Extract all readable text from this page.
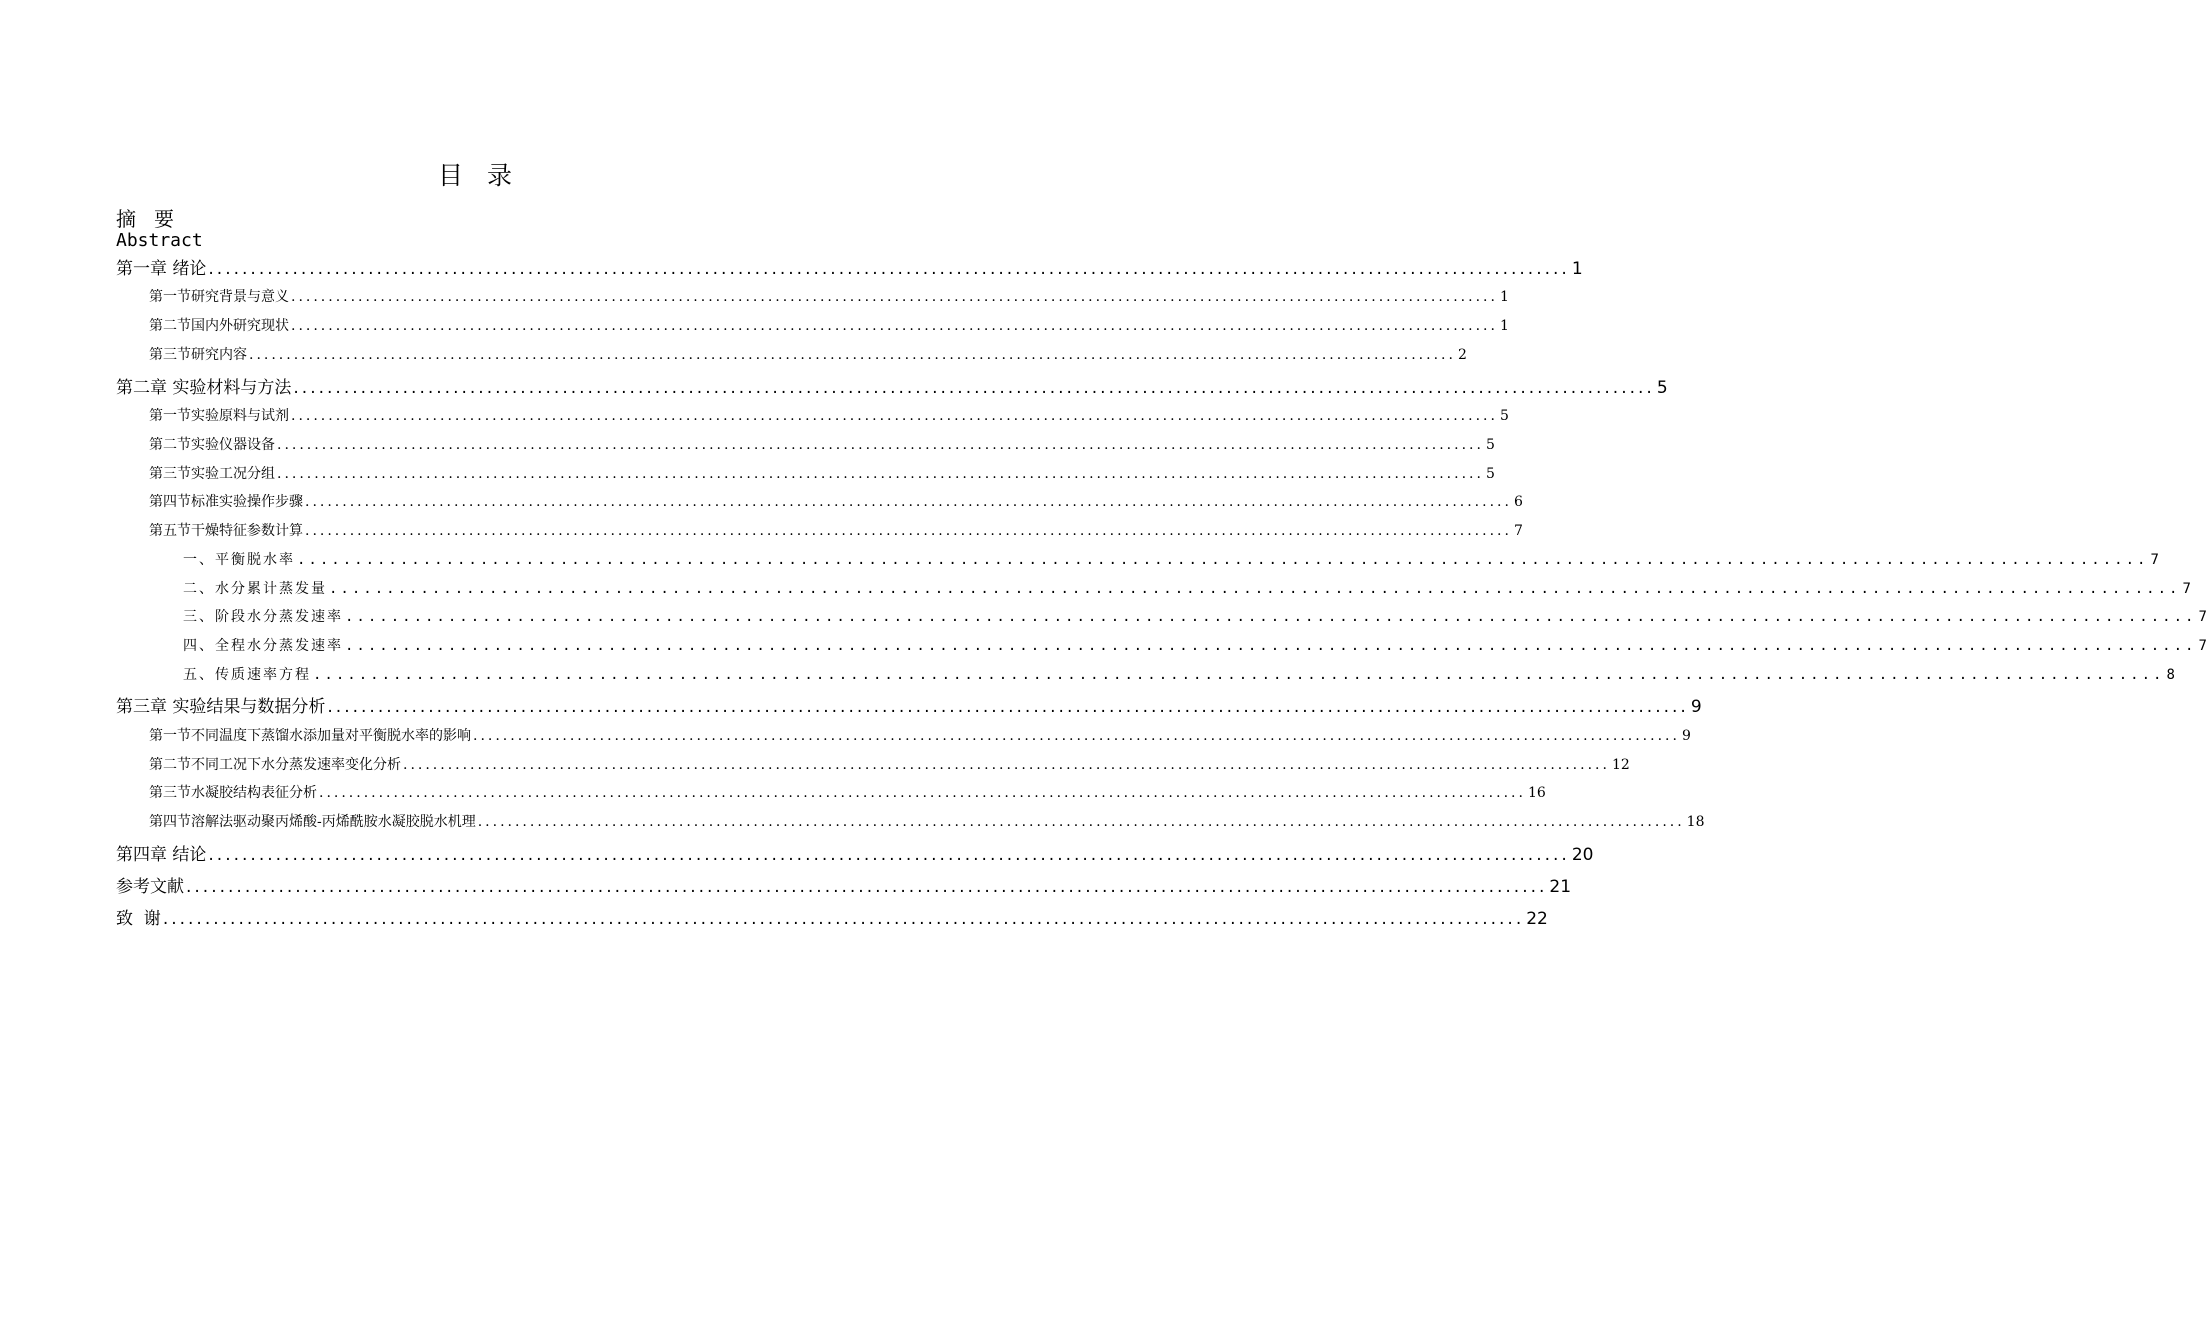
目录
摘要
Abstract
第一章 绪论 .................................................................................................................................................................. 1
第一节研究背景与意义 .................................................................................................................................................................. 1
第二节国内外研究现状 .................................................................................................................................................................. 1
第三节研究内容 .................................................................................................................................................................. 2
第二章 实验材料与方法 .................................................................................................................................................................. 5
第一节实验原料与试剂 .................................................................................................................................................................. 5
第二节实验仪器设备 .................................................................................................................................................................. 5
第三节实验工况分组 .................................................................................................................................................................. 5
第四节标准实验操作步骤 .................................................................................................................................................................. 6
第五节干燥特征参数计算 .................................................................................................................................................................. 7
一、平衡脱水率 .................................................................................................................................................................. 7
二、水分累计蒸发量 .................................................................................................................................................................. 7
三、阶段水分蒸发速率 .................................................................................................................................................................. 7
四、全程水分蒸发速率 .................................................................................................................................................................. 7
五、传质速率方程 .................................................................................................................................................................. 8
第三章 实验结果与数据分析 .................................................................................................................................................................. 9
第一节不同温度下蒸馏水添加量对平衡脱水率的影响 .................................................................................................................................................................. 9
第二节不同工况下水分蒸发速率变化分析 .................................................................................................................................................................. 12
第三节水凝胶结构表征分析 .................................................................................................................................................................. 16
第四节溶解法驱动聚丙烯酸-丙烯酰胺水凝胶脱水机理 .................................................................................................................................................................. 18
第四章 结论 .................................................................................................................................................................. 20
参考文献 .................................................................................................................................................................. 21
致  谢 .................................................................................................................................................................. 22
